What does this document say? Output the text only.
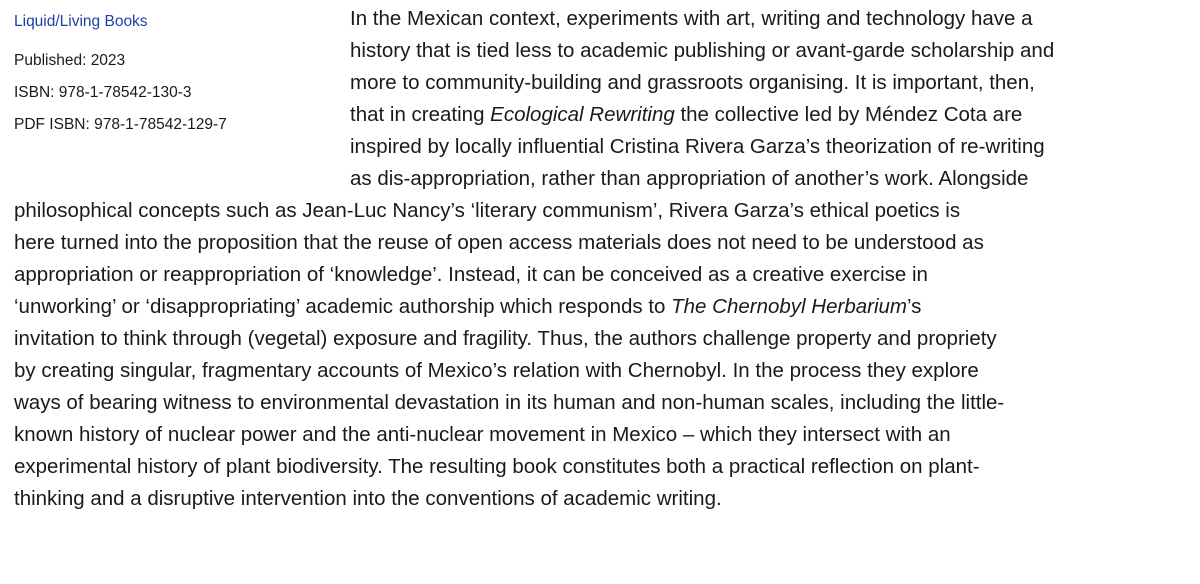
Liquid/Living Books
Published: 2023
ISBN: 978-1-78542-130-3
PDF ISBN: 978-1-78542-129-7
In the Mexican context, experiments with art, writing and technology have a
history that is tied less to academic publishing or avant-garde scholarship and
more to community-building and grassroots organising. It is important, then,
that in creating Ecological Rewriting the collective led by Méndez Cota are
inspired by locally influential Cristina Rivera Garza’s theorization of re-writing
as dis-appropriation, rather than appropriation of another’s work. Alongside
philosophical concepts such as Jean-Luc Nancy’s ‘literary communism’, Rivera Garza’s ethical poetics is
here turned into the proposition that the reuse of open access materials does not need to be understood as
appropriation or reappropriation of ‘knowledge’. Instead, it can be conceived as a creative exercise in
‘unworking’ or ‘disappropriating’ academic authorship which responds to The Chernobyl Herbarium’s
invitation to think through (vegetal) exposure and fragility. Thus, the authors challenge property and propriety
by creating singular, fragmentary accounts of Mexico’s relation with Chernobyl. In the process they explore
ways of bearing witness to environmental devastation in its human and non-human scales, including the little-
known history of nuclear power and the anti-nuclear movement in Mexico – which they intersect with an
experimental history of plant biodiversity. The resulting book constitutes both a practical reflection on plant-
thinking and a disruptive intervention into the conventions of academic writing.
